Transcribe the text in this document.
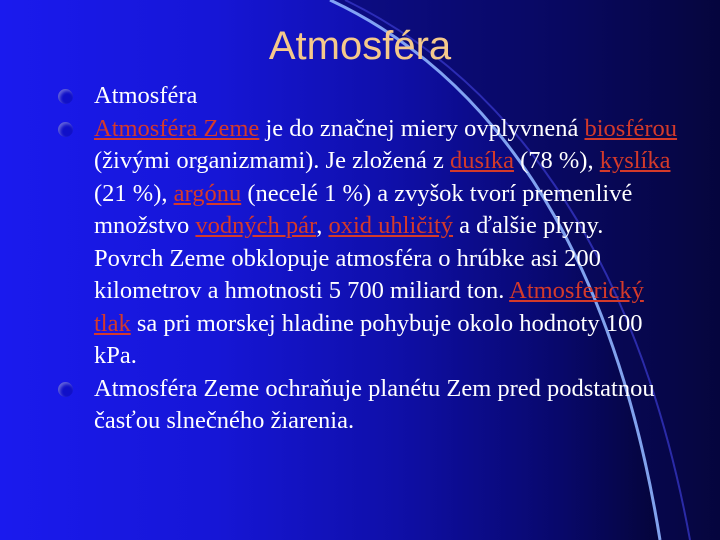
Atmosféra
Atmosféra
Atmosféra Zeme je do značnej miery ovplyvnená biosférou (živými organizmami). Je zložená z dusíka (78 %), kyslíka (21 %), argónu (necelé 1 %) a zvyšok tvorí premenlivé množstvo vodných pár, oxid uhličitý a ďalšie plyny. Povrch Zeme obklopuje atmosféra o hrúbke asi 200 kilometrov a hmotnosti 5 700 miliard ton. Atmosferický tlak sa pri morskej hladine pohybuje okolo hodnoty 100 kPa.
Atmosféra Zeme ochraňuje planétu Zem pred podstatnou časťou slnečného žiarenia.
